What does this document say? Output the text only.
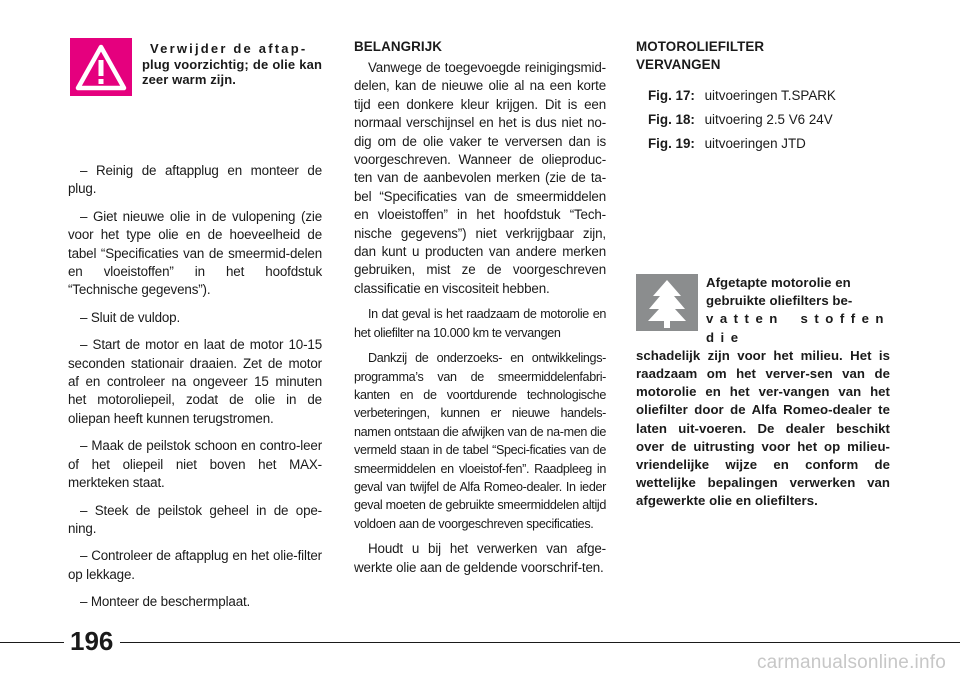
Verwijder de aftap-
plug voorzichtig; de olie kan zeer warm zijn.

– Reinig de aftapplug en monteer de plug.

– Giet nieuwe olie in de vulopening (zie voor het type olie en de hoeveelheid de tabel “Specificaties van de smeermid-delen en vloeistoffen” in het hoofdstuk “Technische gegevens”).

– Sluit de vuldop.

– Start de motor en laat de motor 10-15 seconden stationair draaien. Zet de motor af en controleer na ongeveer 15 minuten het motoroliepeil, zodat de olie in de oliepan heeft kunnen terugstromen.

– Maak de peilstok schoon en contro-leer of het oliepeil niet boven het MAX-merkteken staat.

– Steek de peilstok geheel in de ope-ning.

– Controleer de aftapplug en het olie-filter op lekkage.

– Monteer de beschermplaat.

BELANGRIJK

Vanwege de toegevoegde reinigingsmid-delen, kan de nieuwe olie al na een korte tijd een donkere kleur krijgen. Dit is een normaal verschijnsel en het is dus niet no-dig om de olie vaker te verversen dan is voorgeschreven. Wanneer de olieproduc-ten van de aanbevolen merken (zie de ta-bel “Specificaties van de smeermiddelen en vloeistoffen” in het hoofdstuk “Tech-nische gegevens”) niet verkrijgbaar zijn, dan kunt u producten van andere merken gebruiken, mist ze de voorgeschreven classificatie en viscositeit hebben.

In dat geval is het raadzaam de motorolie en het oliefilter na 10.000 km te vervangen

Dankzij de onderzoeks- en ontwikkelings-programma’s van de smeermiddelenfabri-kanten en de voortdurende technologische verbeteringen, kunnen er nieuwe handels-namen ontstaan die afwijken van de na-men die vermeld staan in de tabel “Speci-ficaties van de smeermiddelen en vloeistof-fen”. Raadpleeg in geval van twijfel de Alfa Romeo-dealer. In ieder geval moeten de gebruikte smeermiddelen altijd voldoen aan de voorgeschreven specificaties.

Houdt u bij het verwerken van afge-werkte olie aan de geldende voorschrif-ten.

MOTOROLIEFILTER
VERVANGEN
Fig. 17: uitvoeringen T.SPARK
Fig. 18: uitvoering 2.5 V6 24V
Fig. 19: uitvoeringen JTD
Afgetapte motorolie en
gebruikte oliefilters be-
vatten stoffen die
schadelijk zijn voor het milieu. Het is raadzaam om het verver-sen van de motorolie en het ver-vangen van het oliefilter door de Alfa Romeo-dealer te laten uit-voeren. De dealer beschikt over de uitrusting voor het op milieu-vriendelijke wijze en conform de wettelijke bepalingen verwerken van afgewerkte olie en oliefilters.
196
carmanualsonline.info
